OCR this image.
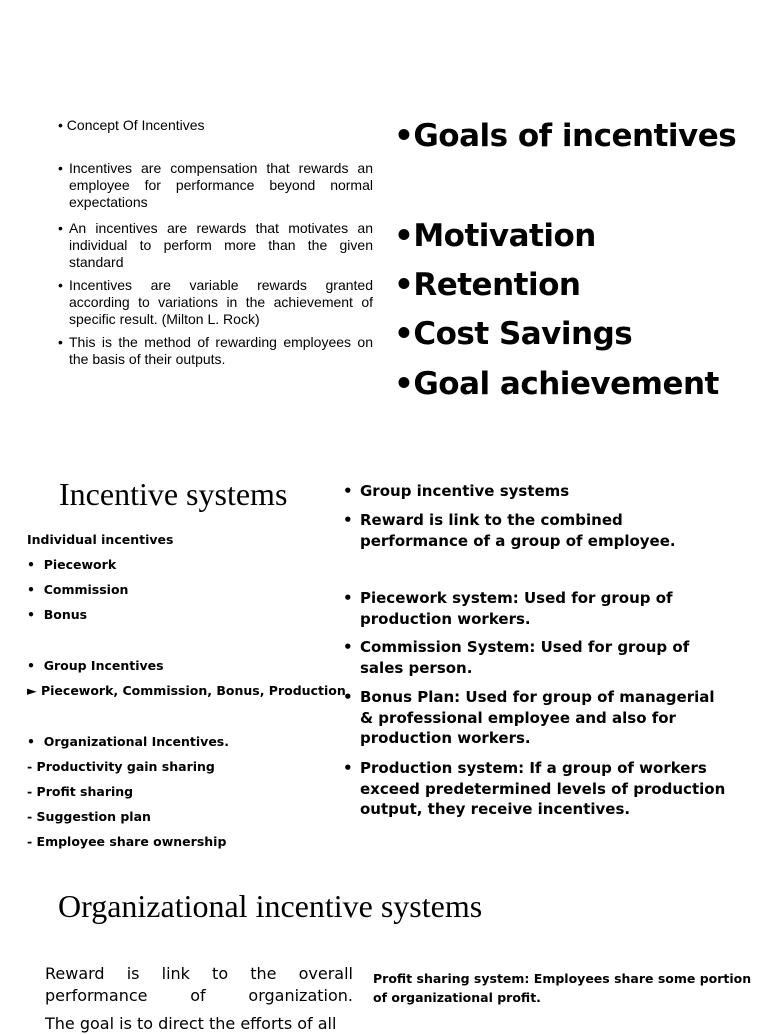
• Concept Of Incentives
• Incentives are compensation that rewards an employee for performance beyond normal expectations
• An incentives are rewards that motivates an individual to perform more than the given standard
• Incentives are variable rewards granted according to variations in the achievement of specific result. (Milton L. Rock)
• This is the method of rewarding employees on the basis of their outputs.
•Goals of incentives
•Motivation
•Retention
•Cost Savings
•Goal achievement
Incentive systems
Individual incentives
•  Piecework
•  Commission
•  Bonus
•  Group Incentives
► Piecework, Commission, Bonus, Production
•  Organizational Incentives.
- Productivity gain sharing
- Profit sharing
- Suggestion plan
- Employee share ownership
• Group incentive systems
• Reward is link to the combined performance of a group of employee.
• Piecework system: Used for group of production workers.
• Commission System: Used for group of sales person.
• Bonus Plan: Used for group of managerial & professional employee and also for production workers.
• Production system: If a group of workers exceed predetermined levels of production output, they receive incentives.
Organizational incentive systems
Reward is link to the overall performance of organization.
The goal is to direct the efforts of all
Profit sharing system: Employees share some portion of organizational profit.
